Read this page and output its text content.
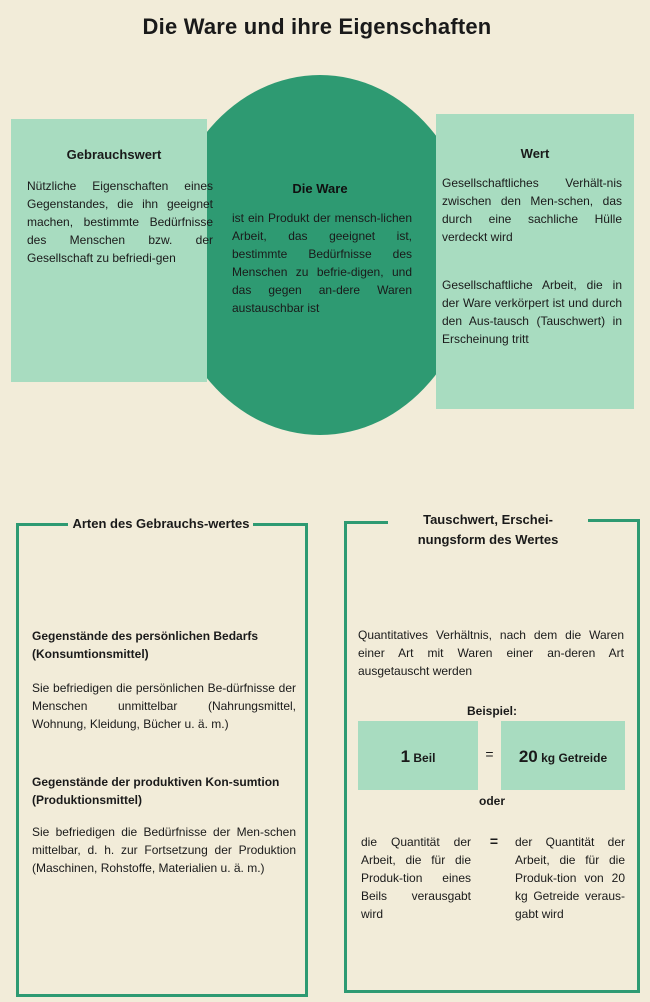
Die Ware und ihre Eigenschaften
Die Ware
ist ein Produkt der mensch-lichen Arbeit, das geeignet ist, bestimmte Bedürfnisse des Menschen zu befrie-digen, und das gegen an-dere Waren austauschbar ist
Gebrauchswert
Nützliche Eigenschaften eines Gegenstandes, die ihn geeignet machen, bestimmte Bedürfnisse des Menschen bzw. der Gesellschaft zu befriedi-gen
Wert
Gesellschaftliches Verhält-nis zwischen den Men-schen, das durch eine sachliche Hülle verdeckt wird
Gesellschaftliche Arbeit, die in der Ware verkörpert ist und durch den Aus-tausch (Tauschwert) in Erscheinung tritt
Arten des Gebrauchs-wertes
Gegenstände des persönlichen Bedarfs (Konsumtionsmittel)
Sie befriedigen die persönlichen Be-dürfnisse der Menschen unmittelbar (Nahrungsmittel, Wohnung, Kleidung, Bücher u. ä. m.)
Gegenstände der produktiven Kon-sumtion (Produktionsmittel)
Sie befriedigen die Bedürfnisse der Men-schen mittelbar, d. h. zur Fortsetzung der Produktion (Maschinen, Rohstoffe, Materialien u. ä. m.)
Tauschwert, Erschei-nungsform des Wertes
Quantitatives Verhältnis, nach dem die Waren einer Art mit Waren einer an-deren Art ausgetauscht werden
Beispiel:
1 Beil	=	20 kg Getreide
oder
die Quantität der Arbeit, die für die Produk-tion eines Beils verausgabt wird
=	der Quantität der Arbeit, die für die Produk-tion von 20 kg Getreide veraus-gabt wird
